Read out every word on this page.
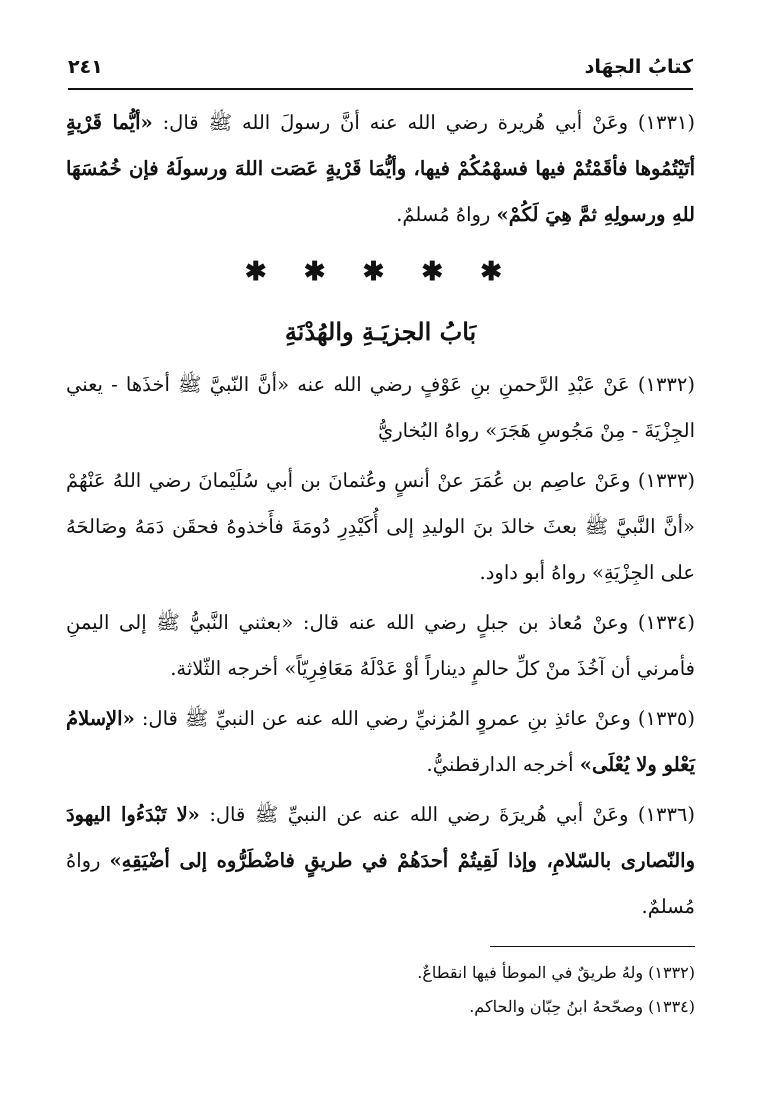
كتابُ الجهَاد
٢٤١

(١٣٣١) وعَنْ أبي هُريرة رضي الله عنه أنَّ رسولَ الله ﷺ قال: «أيُّما قَرْيةٍ أتَيْتُمُوها فأقَمْتُمْ فيها فسهْمُكُمْ فيها، وأيُّمَا قَرْيةٍ عَصَت اللهَ ورسولَهُ فإن خُمُسَهَا للهِ ورسولِهِ ثمَّ هِيَ لَكُمْ» رواهُ مُسلمٌ.

✱ ✱ ✱ ✱ ✱
بَابُ الجزيَـةِ والهُدْنَةِ

(١٣٣٢) عَنْ عَبْدِ الرَّحمنِ بنِ عَوْفٍ رضي الله عنه «أنَّ النّبيَّ ﷺ أخذَها - يعني الجِزْيَةَ - مِنْ مَجُوسِ هَجَرَ» رواهُ البُخاريُّ

(١٣٣٣) وعَنْ عاصِم بن عُمَرَ عنْ أنسٍ وعُثمانَ بن أبي سُلَيْمانَ رضي اللهُ عَنْهُمْ «أنَّ النَّبيَّ ﷺ بعثَ خالدَ بنَ الوليدِ إلى أُكَيْدِرِ دُومَةَ فأَخذوهُ فحقَن دَمَهُ وصَالحَهُ على الجِزْيَةِ» رواهُ أبو داود.

(١٣٣٤) وعنْ مُعاذ بن جبلٍ رضي الله عنه قال: «بعثني النَّبيُّ ﷺ إلى اليمنِ فأمرني أن آخُذَ منْ كلِّ حالمٍ ديناراً أوْ عَدْلَهُ مَعَافِرِيّاً» أخرجه الثّلاثة.

(١٣٣٥) وعنْ عائذِ بنِ عمروٍ المُزنيِّ رضي الله عنه عن النبيِّ ﷺ قال: «الإسلامُ يَعْلو ولا يُعْلَى» أخرجه الدارقطنيُّ.

(١٣٣٦) وعَنْ أبي هُريرَةَ رضي الله عنه عن النبيِّ ﷺ قال: «لا تَبْدَءُوا اليهودَ والنّصارى بالسّلامِ، وإذا لَقِيتُمْ أحدَهُمْ في طريقٍ فاضْطَرُّوه إلى أضْيَقِهِ» رواهُ مُسلمٌ.

(١٣٣٢) ولهُ طريقٌ في الموطأ فيها انقطاعٌ.

(١٣٣٤) وصحّحهُ ابنُ حِبّان والحاكم.
